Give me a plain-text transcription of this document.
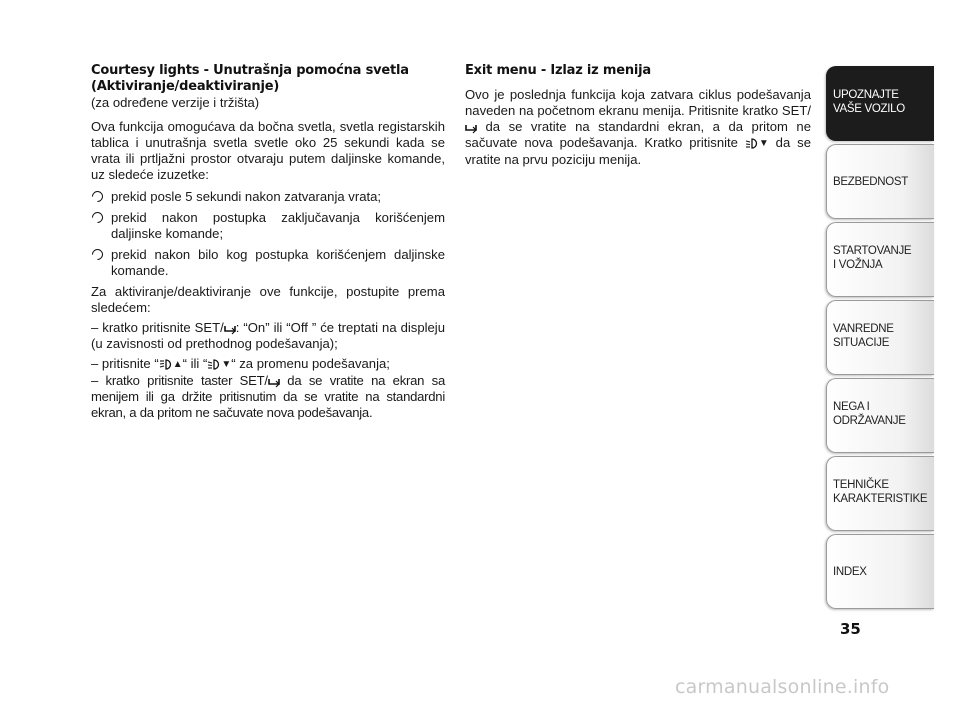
Courtesy lights - Unutrašnja pomoćna svetla (Aktiviranje/deaktiviranje)

(za određene verzije i tržišta)

Ova funkcija omogućava da bočna svetla, svetla registarskih tablica i unutrašnja svetla svetle oko 25 sekundi kada se vrata ili prtljažni prostor otvaraju putem daljinske komande, uz sledeće izuzetke:

prekid posle 5 sekundi nakon zatvaranja vrata;
prekid nakon postupka zaključavanja korišćenjem daljinske komande;
prekid nakon bilo kog postupka korišćenjem daljinske komande.

Za aktiviranje/deaktiviranje ove funkcije, postupite prema sledećem:

– kratko pritisnite SET/ : “On” ili “Off ” će treptati na displeju (u zavisnosti od prethodnog podešavanja);

– pritisnite “ ▲“ ili “ ▼“ za promenu podešavanja;

– kratko pritisnite taster SET/ da se vratite na ekran sa menijem ili ga držite pritisnutim da se vratite na standardni ekran, a da pritom ne sačuvate nova podešavanja.

Exit menu - Izlaz iz menija

Ovo je poslednja funkcija koja zatvara ciklus podešavanja naveden na početnom ekranu menija. Pritisnite kratko SET/ da se vratite na standardni ekran, a da pritom ne sačuvate nova podešavanja. Kratko pritisnite ▼ da se vratite na prvu poziciju menija.

UPOZNAJTE
VAŠE VOZILO
BEZBEDNOST
STARTOVANJE
I VOŽNJA
VANREDNE
SITUACIJE
NEGA I
ODRŽAVANJE
TEHNIČKE
KARAKTERISTIKE
INDEX
35
carmanualsonline.info
